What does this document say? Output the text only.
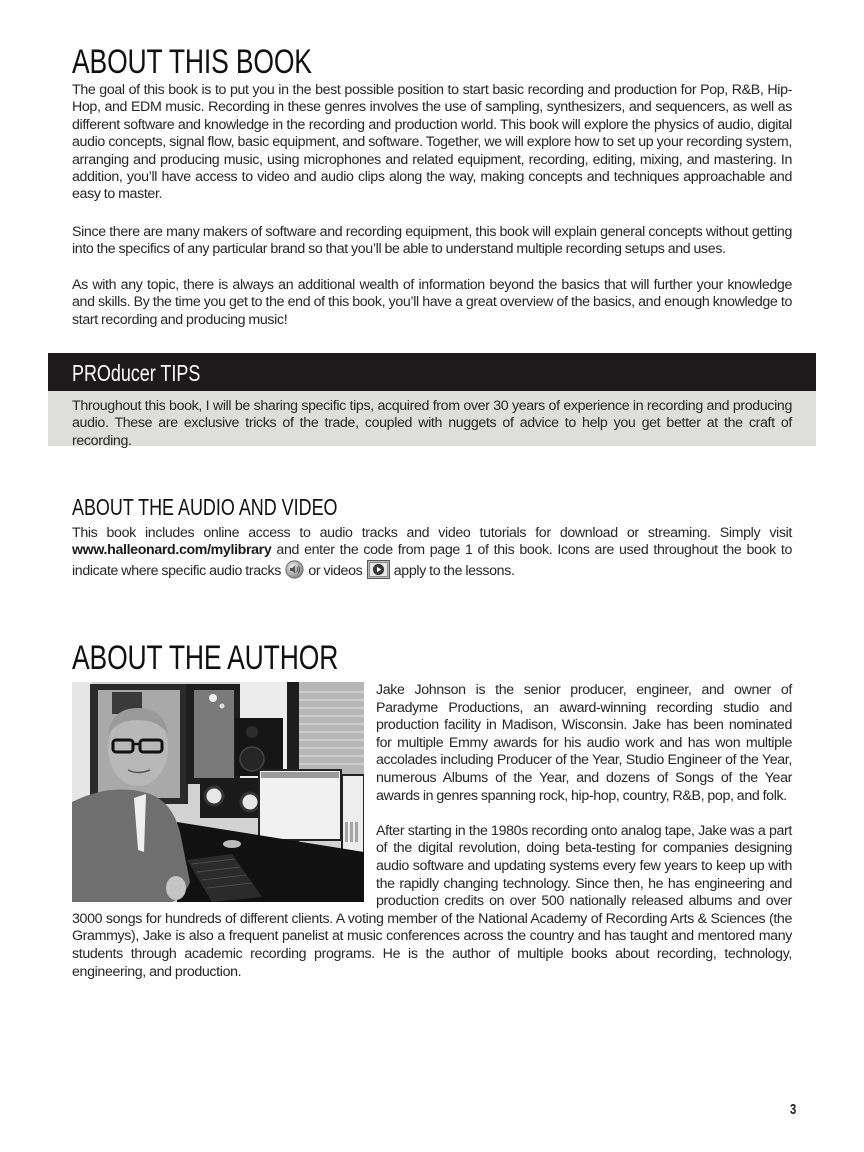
ABOUT THIS BOOK

The goal of this book is to put you in the best possible position to start basic recording and production for Pop, R&B, Hip-Hop, and EDM music. Recording in these genres involves the use of sampling, synthesizers, and sequencers, as well as different software and knowledge in the recording and production world. This book will explore the physics of audio, digital audio concepts, signal flow, basic equipment, and software. Together, we will explore how to set up your recording system, arranging and producing music, using microphones and related equipment, recording, editing, mixing, and mastering. In addition, you’ll have access to video and audio clips along the way, making concepts and techniques approachable and easy to master.

Since there are many makers of software and recording equipment, this book will explain general concepts without getting into the specifics of any particular brand so that you’ll be able to understand multiple recording setups and uses.

As with any topic, there is always an additional wealth of information beyond the basics that will further your knowledge and skills. By the time you get to the end of this book, you’ll have a great overview of the basics, and enough knowledge to start recording and producing music!

PROducer TIPS

Throughout this book, I will be sharing specific tips, acquired from over 30 years of experience in recording and producing audio. These are exclusive tricks of the trade, coupled with nuggets of advice to help you get better at the craft of recording.

ABOUT THE AUDIO AND VIDEO

This book includes online access to audio tracks and video tutorials for download or streaming. Simply visit www.halleonard.com/mylibrary and enter the code from page 1 of this book. Icons are used throughout the book to indicate where specific audio tracks  or videos  apply to the lessons.

ABOUT THE AUTHOR

Jake Johnson is the senior producer, engineer, and owner of Paradyme Productions, an award-winning recording studio and production facility in Madison, Wisconsin. Jake has been nominated for multiple Emmy awards for his audio work and has won multiple accolades including Producer of the Year, Studio Engineer of the Year, numerous Albums of the Year, and dozens of Songs of the Year awards in genres spanning rock, hip-hop, country, R&B, pop, and folk.

After starting in the 1980s recording onto analog tape, Jake was a part of the digital revolution, doing beta-testing for companies designing audio software and updating systems every few years to keep up with the rapidly changing technology. Since then, he has engineering and production credits on over 500 nationally released albums and over 3000 songs for hundreds of different clients. A voting member of the National Academy of Recording Arts & Sciences (the Grammys), Jake is also a frequent panelist at music conferences across the country and has taught and mentored many students through academic recording programs. He is the author of multiple books about recording, technology, engineering, and production.

3
